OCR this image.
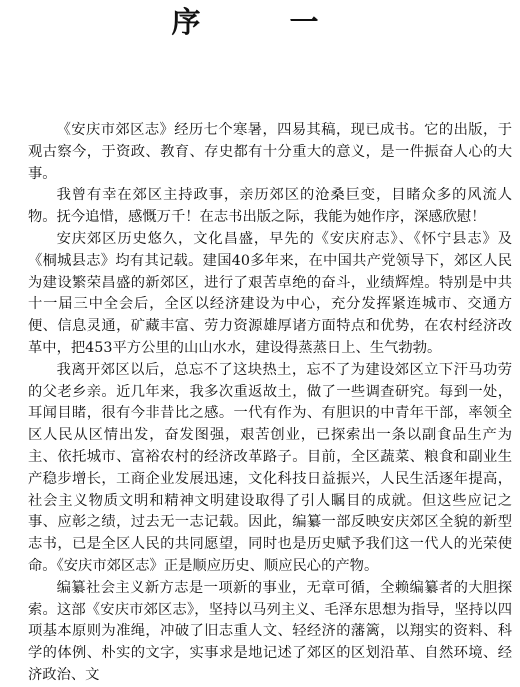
序　一

《安庆市郊区志》经历七个寒暑，四易其稿，现已成书。它的出版，于观古察今，于资政、教育、存史都有十分重大的意义，是一件振奋人心的大事。

我曾有幸在郊区主持政事，亲历郊区的沧桑巨变，目睹众多的风流人物。抚今追惜，感慨万千！在志书出版之际，我能为她作序，深感欣慰！

安庆郊区历史悠久，文化昌盛，早先的《安庆府志》、《怀宁县志》及《桐城县志》均有其记载。建国40多年来，在中国共产党领导下，郊区人民为建设繁荣昌盛的新郊区，进行了艰苦卓绝的奋斗，业绩辉煌。特别是中共十一届三中全会后，全区以经济建设为中心，充分发挥紧连城市、交通方便、信息灵通，矿藏丰富、劳力资源雄厚诸方面特点和优势，在农村经济改革中，把453平方公里的山山水水，建设得蒸蒸日上、生气勃勃。

我离开郊区以后，总忘不了这块热土，忘不了为建设郊区立下汗马功劳的父老乡亲。近几年来，我多次重返故土，做了一些调查研究。每到一处，耳闻目睹，很有今非昔比之感。一代有作为、有胆识的中青年干部，率领全区人民从区情出发，奋发图强，艰苦创业，已探索出一条以副食品生产为主、依托城市、富裕农村的经济改革路子。目前，全区蔬菜、粮食和副业生产稳步增长，工商企业发展迅速，文化科技日益振兴，人民生活逐年提高，社会主义物质文明和精神文明建设取得了引人瞩目的成就。但这些应记之事、应彰之绩，过去无一志记载。因此，编纂一部反映安庆郊区全貌的新型志书，已是全区人民的共同愿望，同时也是历史赋予我们这一代人的光荣使命。《安庆市郊区志》正是顺应历史、顺应民心的产物。

编纂社会主义新方志是一项新的事业，无章可循，全赖编纂者的大胆探索。这部《安庆市郊区志》，坚持以马列主义、毛泽东思想为指导，坚持以四项基本原则为准绳，冲破了旧志重人文、轻经济的藩篱，以翔实的资料、科学的体例、朴实的文字，实事求是地记述了郊区的区划沿革、自然环境、经济政治、文
